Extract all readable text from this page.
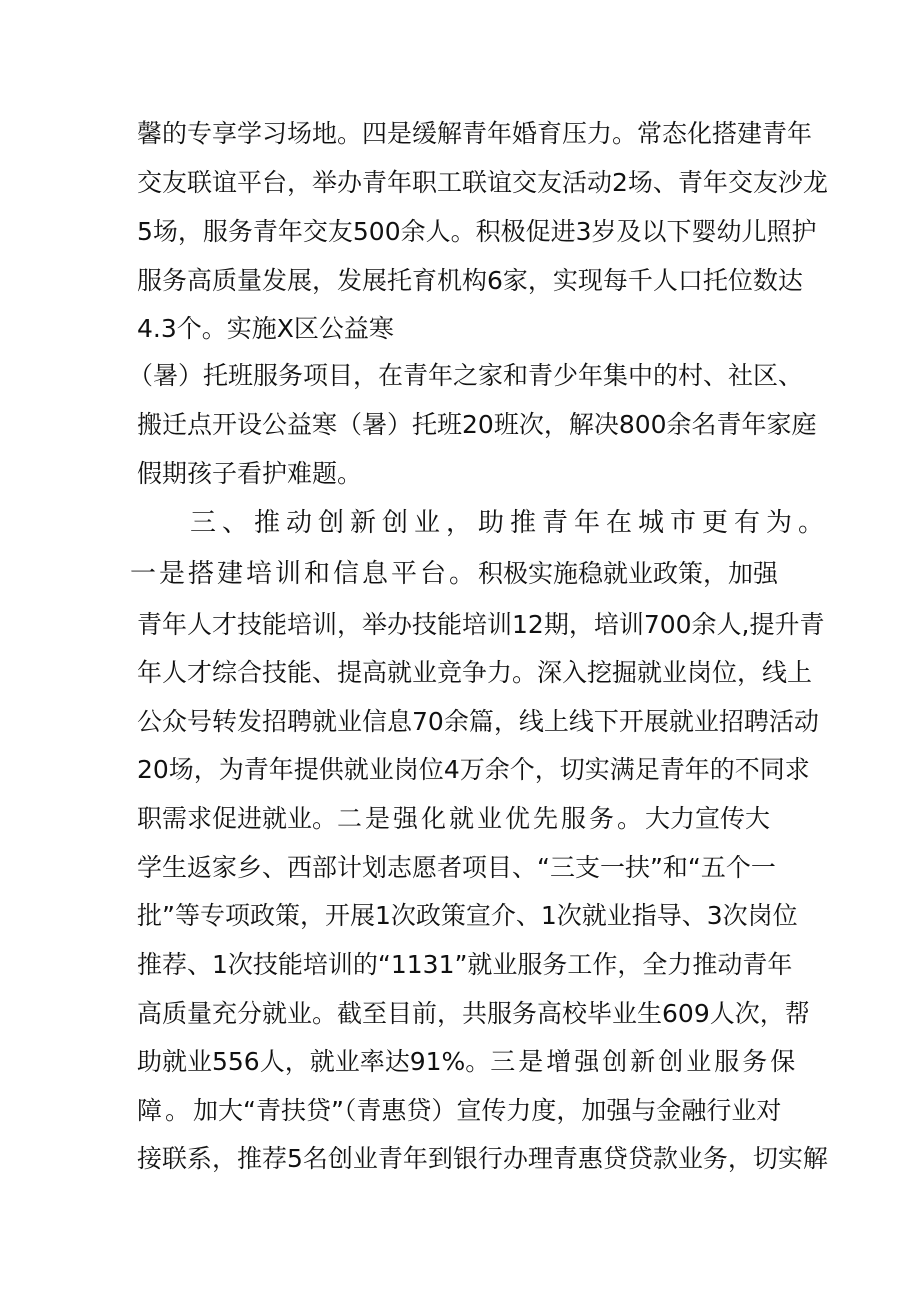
馨的专享学习场地。四是缓解青年婚育压力。常态化搭建青年
交友联谊平台，举办青年职工联谊交友活动2场、青年交友沙龙
5场，服务青年交友500余人。积极促进3岁及以下婴幼儿照护
服务高质量发展，发展托育机构6家，实现每千人口托位数达
4.3个。实施X区公益寒
（暑）托班服务项目，在青年之家和青少年集中的村、社区、
搬迁点开设公益寒（暑）托班20班次，解决800余名青年家庭
假期孩子看护难题。
三、推动创新创业，助推青年在城市更有为。
一是搭建培训和信息平台。积极实施稳就业政策，加强
青年人才技能培训，举办技能培训12期，培训700余人,提升青
年人才综合技能、提高就业竞争力。深入挖掘就业岗位，线上
公众号转发招聘就业信息70余篇，线上线下开展就业招聘活动
20场，为青年提供就业岗位4万余个，切实满足青年的不同求
职需求促进就业。二是强化就业优先服务。大力宣传大
学生返家乡、西部计划志愿者项目、“三支一扶”和“五个一
批”等专项政策，开展1次政策宣介、1次就业指导、3次岗位
推荐、1次技能培训的“1131”就业服务工作，全力推动青年
高质量充分就业。截至目前，共服务高校毕业生609人次，帮
助就业556人，就业率达91%。三是增强创新创业服务保
障。加大“青扶贷”（青惠贷）宣传力度，加强与金融行业对
接联系，推荐5名创业青年到银行办理青惠贷贷款业务，切实解
